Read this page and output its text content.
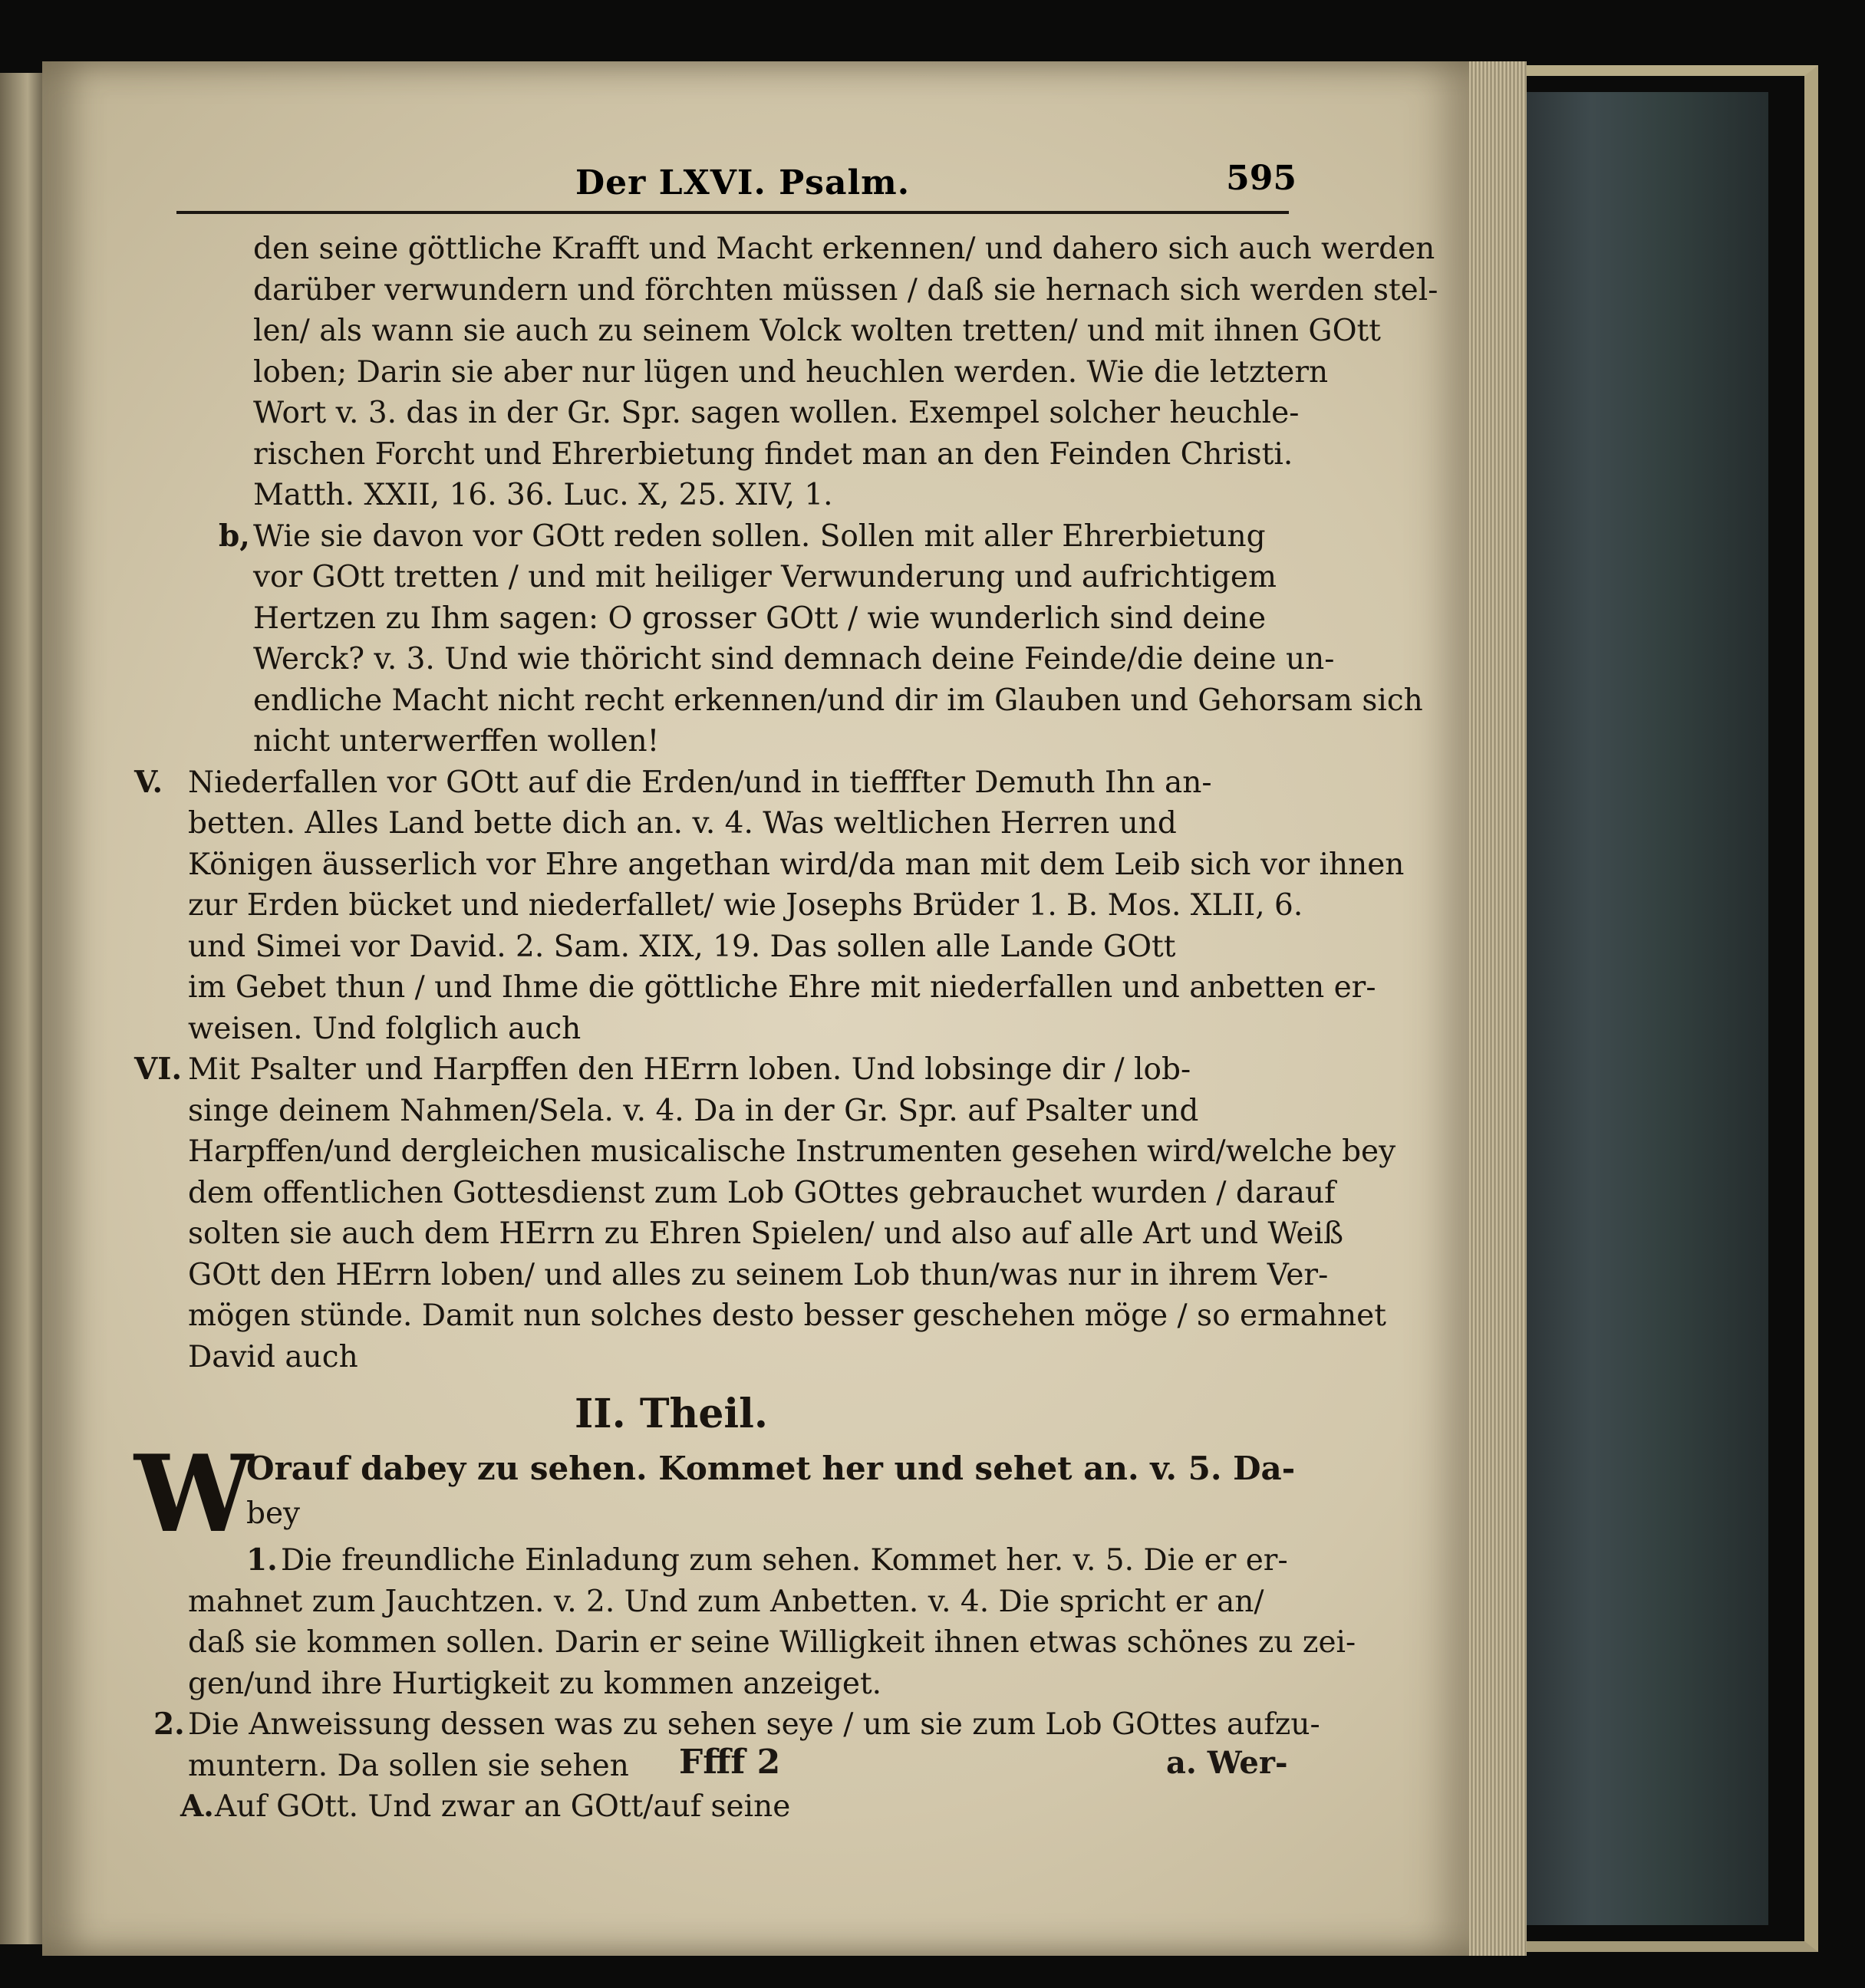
Der LXVI. Psalm.	595
den seine göttliche Krafft und Macht erkennen/ und dahero sich auch werden
darüber verwundern und förchten müssen / daß sie hernach sich werden stel-
len/ als wann sie auch zu seinem Volck wolten tretten/ und mit ihnen GOtt
loben; Darin sie aber nur lügen und heuchlen werden. Wie die letztern
Wort v. 3. das in der Gr. Spr. sagen wollen. Exempel solcher heuchle-
rischen Forcht und Ehrerbietung findet man an den Feinden Christi.
Matth. XXII, 16. 36. Luc. X, 25. XIV, 1.
b, Wie sie davon vor GOtt reden sollen. Sollen mit aller Ehrerbietung
vor GOtt tretten / und mit heiliger Verwunderung und aufrichtigem
Hertzen zu Ihm sagen: O grosser GOtt / wie wunderlich sind deine
Werck? v. 3. Und wie thöricht sind demnach deine Feinde/die deine un-
endliche Macht nicht recht erkennen/und dir im Glauben und Gehorsam sich
nicht unterwerffen wollen!
V. Niederfallen vor GOtt auf die Erden/und in tiefffter Demuth Ihn an-
betten. Alles Land bette dich an. v. 4. Was weltlichen Herren und
Königen äusserlich vor Ehre angethan wird/da man mit dem Leib sich vor ihnen
zur Erden bücket und niederfallet/ wie Josephs Brüder 1. B. Mos. XLII, 6.
und Simei vor David. 2. Sam. XIX, 19. Das sollen alle Lande GOtt
im Gebet thun / und Ihme die göttliche Ehre mit niederfallen und anbetten er-
weisen. Und folglich auch
VI. Mit Psalter und Harpffen den HErrn loben. Und lobsinge dir / lob-
singe deinem Nahmen/Sela. v. 4. Da in der Gr. Spr. auf Psalter und
Harpffen/und dergleichen musicalische Instrumenten gesehen wird/welche bey
dem offentlichen Gottesdienst zum Lob GOttes gebrauchet wurden / darauf
solten sie auch dem HErrn zu Ehren Spielen/ und also auf alle Art und Weiß
GOtt den HErrn loben/ und alles zu seinem Lob thun/was nur in ihrem Ver-
mögen stünde. Damit nun solches desto besser geschehen möge / so ermahnet
David auch
II. Theil.
W
Orauf dabey zu sehen. Kommet her und sehet an. v. 5. Da-
bey
1. Die freundliche Einladung zum sehen. Kommet her. v. 5. Die er er-
mahnet zum Jauchtzen. v. 2. Und zum Anbetten. v. 4. Die spricht er an/
daß sie kommen sollen. Darin er seine Willigkeit ihnen etwas schönes zu zei-
gen/und ihre Hurtigkeit zu kommen anzeiget.
2. Die Anweissung dessen was zu sehen seye / um sie zum Lob GOttes aufzu-
muntern. Da sollen sie sehen
A.Auf GOtt. Und zwar an GOtt/auf seine
Ffff 2	a. Wer-
